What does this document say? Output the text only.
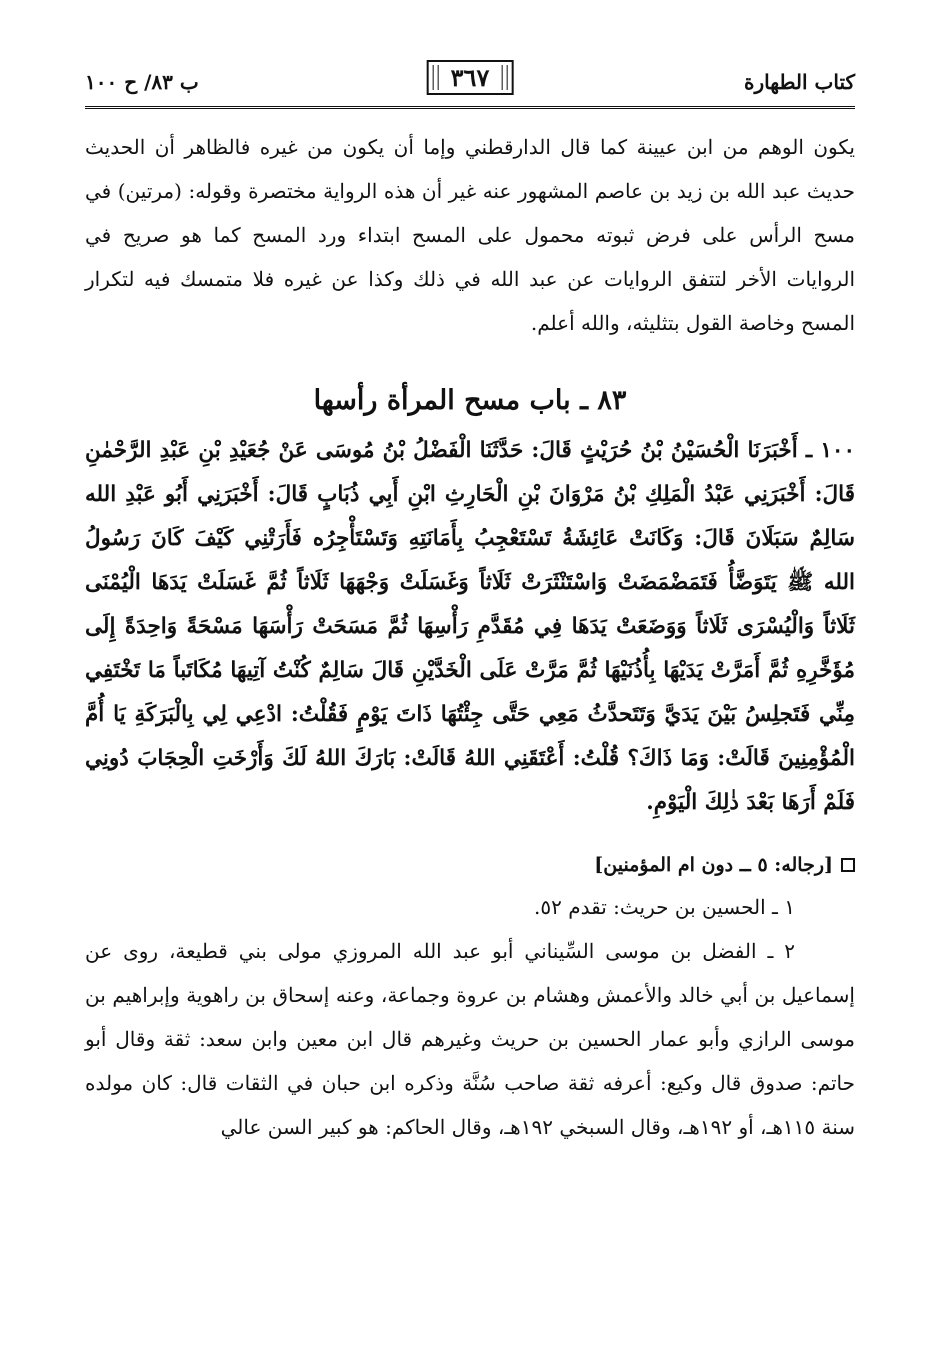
كتاب الطهارة
٣٦٧
ب ٨٣/ ح ١٠٠

يكون الوهم من ابن عيينة كما قال الدارقطني وإما أن يكون من غيره فالظاهر أن الحديث حديث عبد الله بن زيد بن عاصم المشهور عنه غير أن هذه الرواية مختصرة وقوله: (مرتين) في مسح الرأس على فرض ثبوته محمول على المسح ابتداء ورد المسح كما هو صريح في الروايات الأخر لتتفق الروايات عن عبد الله في ذلك وكذا عن غيره فلا متمسك فيه لتكرار المسح وخاصة القول بتثليثه، والله أعلم.

٨٣ ـ باب مسح المرأة رأسها

١٠٠ ـ أَخْبَرَنَا الْحُسَيْنُ بْنُ حُرَيْثٍ قَالَ: حَدَّثَنَا الْفَضْلُ بْنُ مُوسَى عَنْ جُعَيْدِ بْنِ عَبْدِ الرَّحْمٰنِ قَالَ: أَخْبَرَنِي عَبْدُ الْمَلِكِ بْنُ مَرْوَانَ بْنِ الْحَارِثِ ابْنِ أَبِي ذُبَابٍ قَالَ: أَخْبَرَنِي أَبُو عَبْدِ الله سَالِمٌ سَبَلَانَ قَالَ: وَكَانَتْ عَائِشَةُ تَسْتَعْجِبُ بِأَمَانَتِهِ وَتَسْتَأْجِرُه فَأَرَتْنِي كَيْفَ كَانَ رَسُولُ الله ﷺ يَتَوَضَّأُ فَتَمَضْمَضَتْ وَاسْتَنْثَرَتْ ثَلَاثاً وَغَسَلَتْ وَجْهَهَا ثَلَاثاً ثُمَّ غَسَلَتْ يَدَهَا الْيُمْنَى ثَلَاثاً وَالْيُسْرَى ثَلَاثاً وَوَضَعَتْ يَدَهَا فِي مُقَدَّمِ رَأْسِهَا ثُمَّ مَسَحَتْ رَأْسَهَا مَسْحَةً وَاحِدَةً إِلَى مُؤَخَّرِهِ ثُمَّ أَمَرَّتْ يَدَيْهَا بِأُذُنَيْهَا ثُمَّ مَرَّتْ عَلَى الْخَدَّيْنِ قَالَ سَالِمٌ كُنْتُ آتِيهَا مُكَاتَباً مَا تَخْتَفِي مِنِّي فَتَجلِسُ بَيْنَ يَدَيَّ وَتَتَحدَّثُ مَعِي حَتَّى جِئْتُهَا ذَاتَ يَوْمٍ فَقُلْتُ: ادْعِي لِي بِالْبَرَكَةِ يَا أُمَّ الْمُؤْمِنِينَ قَالَتْ: وَمَا ذَاكَ؟ قُلْتُ: أَعْتَقَنِي اللهُ قَالَتْ: بَارَكَ اللهُ لَكَ وَأَرْخَتِ الْحِجَابَ دُونِي فَلَمْ أَرَهَا بَعْدَ ذٰلِكَ الْيَوْمِ.

[رجاله: ٥ ــ دون ام المؤمنين]

١ ـ الحسين بن حريث: تقدم ٥٢.

٢ ـ الفضل بن موسى السِّيناني أبو عبد الله المروزي مولى بني قطيعة، روى عن إسماعيل بن أبي خالد والأعمش وهشام بن عروة وجماعة، وعنه إسحاق بن راهوية وإبراهيم بن موسى الرازي وأبو عمار الحسين بن حريث وغيرهم قال ابن معين وابن سعد: ثقة وقال أبو حاتم: صدوق قال وكيع: أعرفه ثقة صاحب سُنَّة وذكره ابن حبان في الثقات قال: كان مولده سنة ١١٥هـ، أو ١٩٢هـ، وقال السبخي ١٩٢هـ، وقال الحاكم: هو كبير السن عالي
